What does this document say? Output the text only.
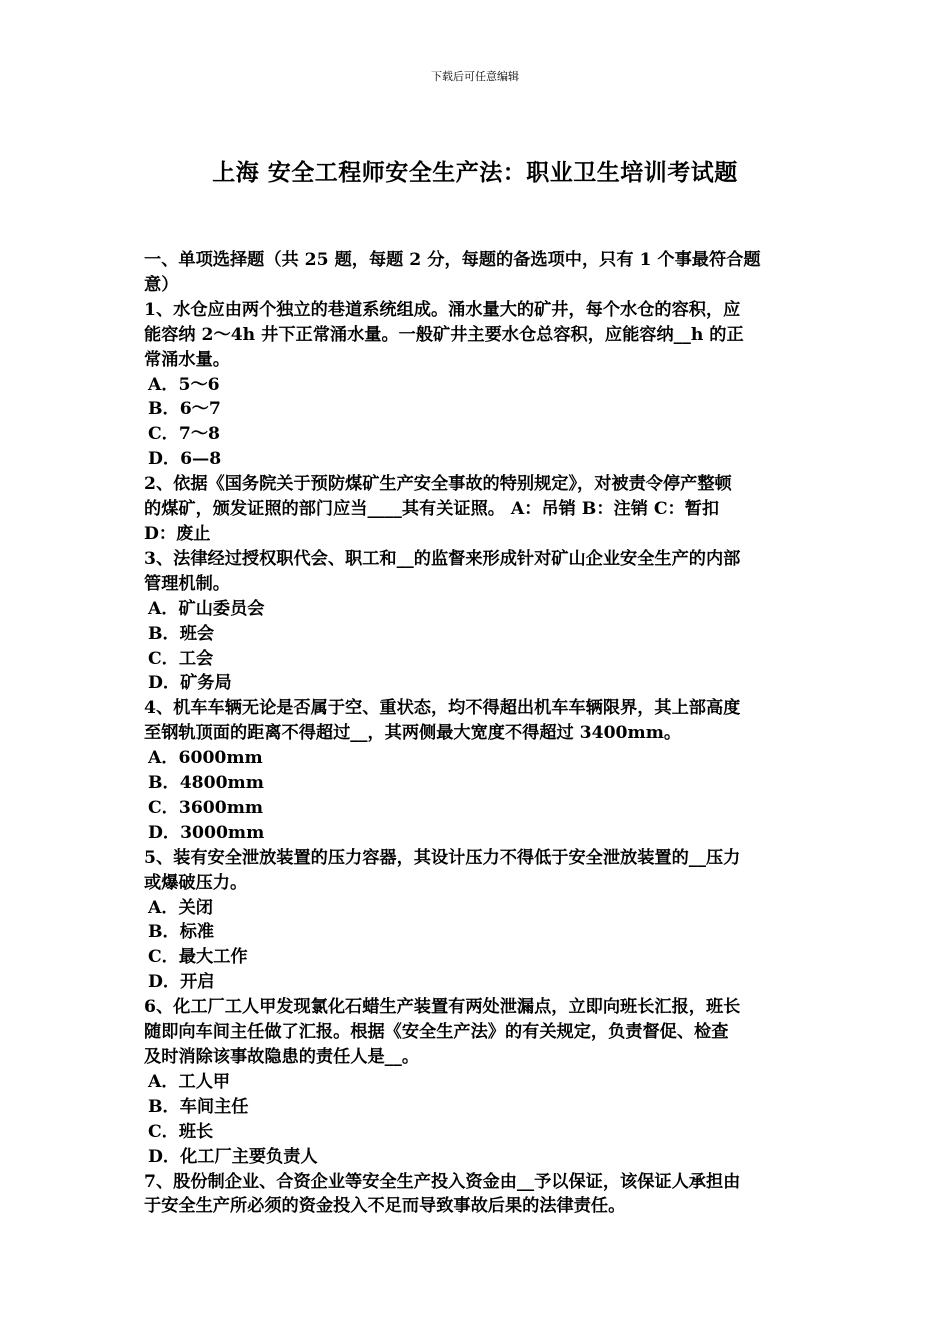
下载后可任意编辑
上海 安全工程师安全生产法：职业卫生培训考试题
一、单项选择题（共 25 题，每题 2 分，每题的备选项中，只有 1 个事最符合题
意）
1、水仓应由两个独立的巷道系统组成。涌水量大的矿井，每个水仓的容积，应
能容纳 2～4h 井下正常涌水量。一般矿井主要水仓总容积，应能容纳__h 的正
常涌水量。
A．5～6
B．6～7
C．7～8
D．6—8
2、依据《国务院关于预防煤矿生产安全事故的特别规定》，对被责令停产整顿
的煤矿，颁发证照的部门应当____其有关证照。 A：吊销 B：注销 C：暂扣
D：废止
3、法律经过授权职代会、职工和__的监督来形成针对矿山企业安全生产的内部
管理机制。
A．矿山委员会
B．班会
C．工会
D．矿务局
4、机车车辆无论是否属于空、重状态，均不得超出机车车辆限界，其上部高度
至钢轨顶面的距离不得超过__，其两侧最大宽度不得超过 3400mm。
A．6000mm
B．4800mm
C．3600mm
D．3000mm
5、装有安全泄放装置的压力容器，其设计压力不得低于安全泄放装置的__压力
或爆破压力。
A．关闭
B．标准
C．最大工作
D．开启
6、化工厂工人甲发现氯化石蜡生产装置有两处泄漏点，立即向班长汇报，班长
随即向车间主任做了汇报。根据《安全生产法》的有关规定，负责督促、检查
及时消除该事故隐患的责任人是__。
A．工人甲
B．车间主任
C．班长
D．化工厂主要负责人
7、股份制企业、合资企业等安全生产投入资金由__予以保证，该保证人承担由
于安全生产所必须的资金投入不足而导致事故后果的法律责任。
